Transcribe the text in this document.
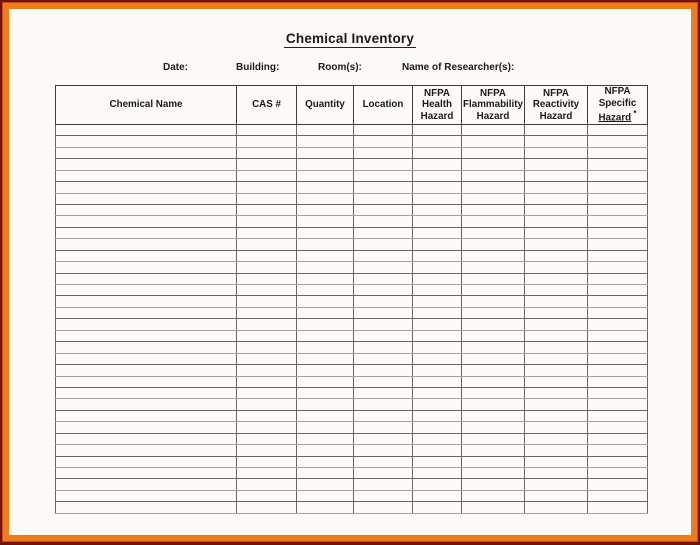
Chemical Inventory
Date:	Building:	Room(s):	Name of Researcher(s):
Chemical Name	CAS #	Quantity	Location	NFPA
Health
Hazard	NFPA
Flammability
Hazard	NFPA
Reactivity
Hazard	NFPA
Specific
Hazard *
